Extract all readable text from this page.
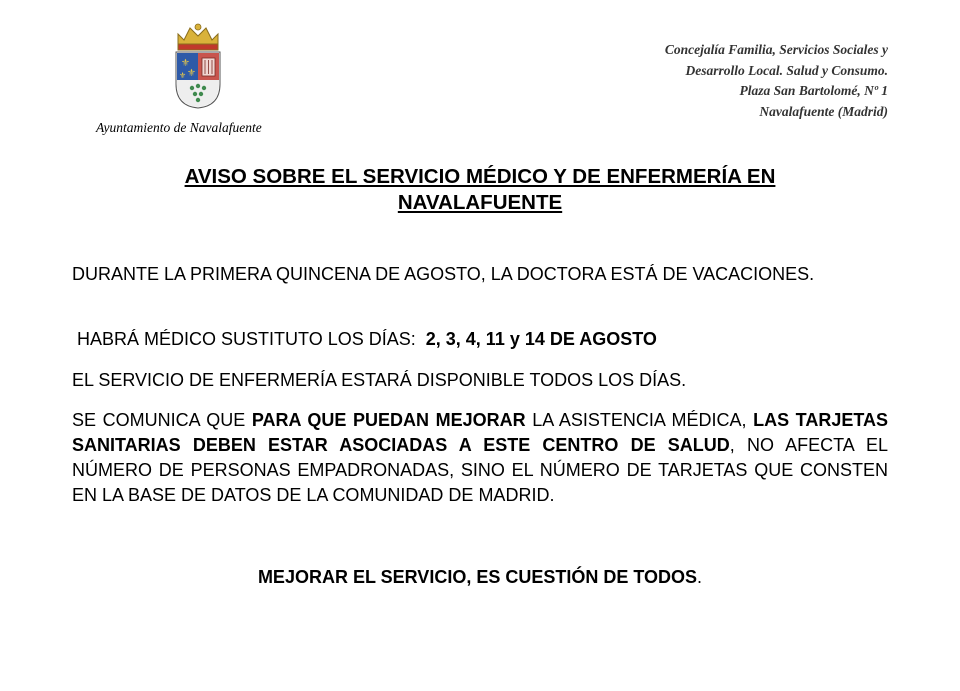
⚜
⚜
⚜
Ayuntamiento de Navalafuente
Concejalía Familia, Servicios Sociales y
Desarrollo Local. Salud y Consumo.
Plaza San Bartolomé, Nº 1
Navalafuente (Madrid)
AVISO SOBRE EL SERVICIO MÉDICO Y DE ENFERMERÍA EN
NAVALAFUENTE
DURANTE LA PRIMERA QUINCENA DE AGOSTO, LA DOCTORA ESTÁ DE VACACIONES.
HABRÁ MÉDICO SUSTITUTO LOS DÍAS: 2, 3, 4, 11 y 14 DE AGOSTO
EL SERVICIO DE ENFERMERÍA ESTARÁ DISPONIBLE TODOS LOS DÍAS.
SE COMUNICA QUE PARA QUE PUEDAN MEJORAR LA ASISTENCIA MÉDICA, LAS TARJETAS SANITARIAS DEBEN ESTAR ASOCIADAS A ESTE CENTRO DE SALUD, NO AFECTA EL NÚMERO DE PERSONAS EMPADRONADAS, SINO EL NÚMERO DE TARJETAS QUE CONSTEN EN LA BASE DE DATOS DE LA COMUNIDAD DE MADRID.
MEJORAR EL SERVICIO, ES CUESTIÓN DE TODOS.
